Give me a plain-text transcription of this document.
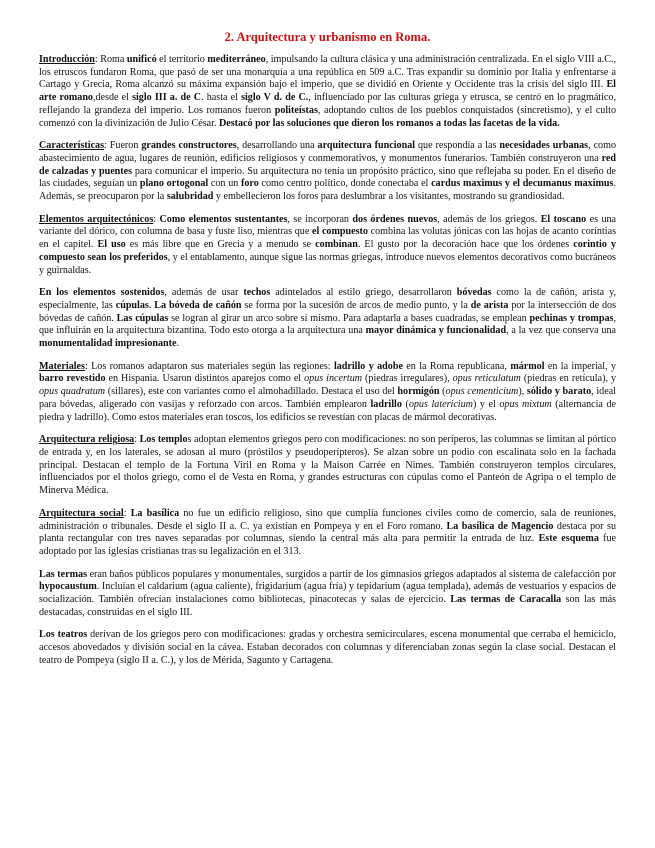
2. Arquitectura y urbanismo en Roma.
Introducción: Roma unificó el territorio mediterráneo, impulsando la cultura clásica y una administración centralizada. En el siglo VIII a.C., los etruscos fundaron Roma, que pasó de ser una monarquía a una república en 509 a.C. Tras expandir su dominio por Italia y enfrentarse a Cartago y Grecia, Roma alcanzó su máxima expansión bajo el imperio, que se dividió en Oriente y Occidente tras la crisis del siglo III. El arte romano,desde el siglo III a. de C. hasta el siglo V d. de C., influenciado por las culturas griega y etrusca, se centró en lo pragmático, reflejando la grandeza del imperio. Los romanos fueron politeístas, adoptando cultos de los pueblos conquistados (sincretismo), y el culto comenzó con la divinización de Julio César. Destacó por las soluciones que dieron los romanos a todas las facetas de la vida.
Características: Fueron grandes constructores, desarrollando una arquitectura funcional que respondía a las necesidades urbanas, como abastecimiento de agua, lugares de reunión, edificios religiosos y conmemorativos, y monumentos funerarios. También construyeron una red de calzadas y puentes para comunicar el imperio. Su arquitectura no tenía un propósito práctico, sino que reflejaba su poder. En el diseño de las ciudades, seguían un plano ortogonal con un foro como centro político, donde conectaba el cardus maximus y el decumanus maximus. Además, se preocuparon por la salubridad y embellecieron los foros para deslumbrar a los visitantes, mostrando su grandiosidad.
Elementos arquitectónicos: Como elementos sustentantes, se incorporan dos órdenes nuevos, además de los griegos. El toscano es una variante del dórico, con columna de basa y fuste liso, mientras que el compuesto combina las volutas jónicas con las hojas de acanto corintias en el capitel. El uso es más libre que en Grecia y a menudo se combinan. El gusto por la decoración hace que los órdenes corintio y compuesto sean los preferidos, y el entablamento, aunque sigue las normas griegas, introduce nuevos elementos decorativos como bucráneos y guirnaldas.
En los elementos sostenidos, además de usar techos adintelados al estilo griego, desarrollaron bóvedas como la de cañón, arista y, especialmente, las cúpulas. La bóveda de cañón se forma por la sucesión de arcos de medio punto, y la de arista por la intersección de dos bóvedas de cañón. Las cúpulas se logran al girar un arco sobre sí mismo. Para adaptarla a bases cuadradas, se emplean pechinas y trompas, que influirán en la arquitectura bizantina. Todo esto otorga a la arquitectura una mayor dinámica y funcionalidad, a la vez que conserva una monumentalidad impresionante.
Materiales: Los romanos adaptaron sus materiales según las regiones: ladrillo y adobe en la Roma republicana, mármol en la imperial, y barro revestido en Hispania. Usaron distintos aparejos como el opus incertum (piedras irregulares), opus reticulatum (piedras en retícula), y opus quadratum (sillares), este con variantes como el almohadillado. Destaca el uso del hormigón (opus cementicium), sólido y barato, ideal para bóvedas, aligerado con vasijas y reforzado con arcos. También emplearon ladrillo (opus latericium) y el opus mixtum (alternancia de piedra y ladrillo). Como estos materiales eran toscos, los edificios se revestían con placas de mármol decorativas.
Arquitectura religiosa: Los templos adoptan elementos griegos pero con modificaciones: no son períperos, las columnas se limitan al pórtico de entrada y, en los laterales, se adosan al muro (próstilos y pseudoperípteros). Se alzan sobre un podio con escalinata solo en la fachada principal. Destacan el templo de la Fortuna Viril en Roma y la Maison Carrée en Nimes. También construyeron templos circulares, influenciados por el tholos griego, como el de Vesta en Roma, y grandes estructuras con cúpulas como el Panteón de Agripa o el templo de Minerva Médica.
Arquitectura social: La basílica no fue un edificio religioso, sino que cumplía funciones civiles como de comercio, sala de reuniones, administración o tribunales. Desde el siglo II a. C. ya existían en Pompeya y en el Foro romano. La basílica de Magencio destaca por su planta rectangular con tres naves separadas por columnas, siendo la central más alta para permitir la entrada de luz. Este esquema fue adoptado por las iglesias cristianas tras su legalización en el 313.
Las termas eran baños públicos populares y monumentales, surgidos a partir de los gimnasios griegos adaptados al sistema de calefacción por hypocaustum. Incluían el caldarium (agua caliente), frigidarium (agua fría) y tepidarium (agua templada), además de vestuarios y espacios de socialización. También ofrecían instalaciones como bibliotecas, pinacotecas y salas de ejercicio. Las termas de Caracalla son las más destacadas, construidas en el siglo III.
Los teatros derivan de los griegos pero con modificaciones: gradas y orchestra semicirculares, escena monumental que cerraba el hemiciclo, accesos abovedados y división social en la cávea. Estaban decorados con columnas y diferenciaban zonas según la clase social. Destacan el teatro de Pompeya (siglo II a. C.), y los de Mérida, Sagunto y Cartagena.
